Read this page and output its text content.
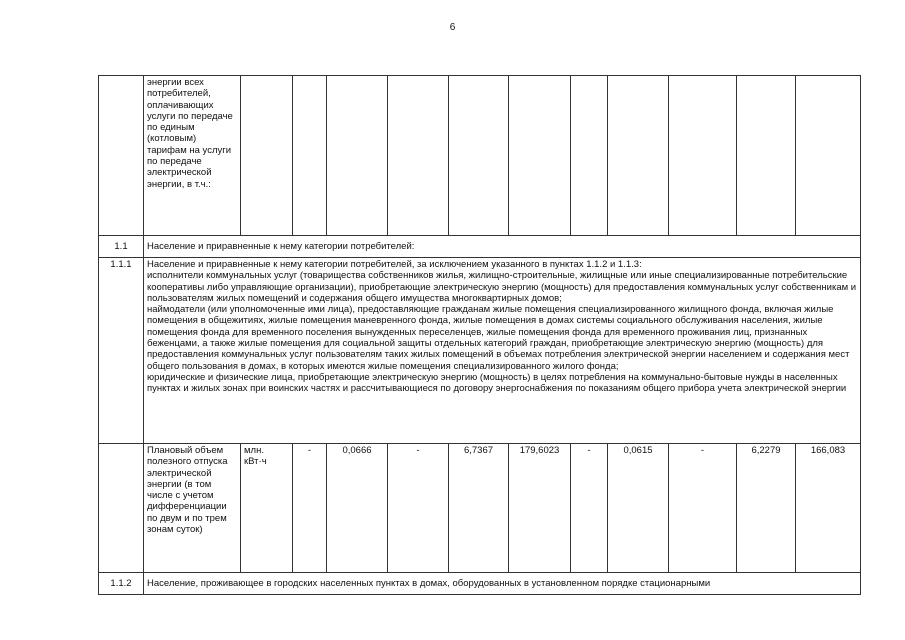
6
	энергии всех потребителей, оплачивающих услуги по передаче по единым (котловым) тарифам на услуги по передаче электрической энергии, в т.ч.:											
1.1	Население и приравненные к нему категории потребителей:											
1.1.1	Население и приравненные к нему категории потребителей, за исключением указанного в пунктах 1.1.2 и 1.1.3:
исполнители коммунальных услуг (товарищества собственников жилья, жилищно-строительные, жилищные или иные специализированные потребительские кооперативы либо управляющие организации), приобретающие электрическую энергию (мощность) для предоставления коммунальных услуг собственникам и пользователям жилых помещений и содержания общего имущества многоквартирных домов;
наймодатели (или уполномоченные ими лица), предоставляющие гражданам жилые помещения специализированного жилищного фонда, включая жилые помещения в общежитиях, жилые помещения маневренного фонда, жилые помещения в домах системы социального обслуживания населения, жилые помещения фонда для временного поселения вынужденных переселенцев, жилые помещения фонда для временного проживания лиц, признанных беженцами, а также жилые помещения для социальной защиты отдельных категорий граждан, приобретающие электрическую энергию (мощность) для предоставления коммунальных услуг пользователям таких жилых помещений в объемах потребления электрической энергии населением и содержания мест общего пользования в домах, в которых имеются жилые помещения специализированного жилого фонда;
юридические и физические лица, приобретающие электрическую энергию (мощность) в целях потребления на коммунально-бытовые нужды в населенных пунктах и жилых зонах при воинских частях и рассчитывающиеся по договору энергоснабжения по показаниям общего прибора учета электрической энергии											

	Плановый объем полезного отпуска электрической энергии (в том числе с учетом дифференциации по двум и по трем зонам суток)	млн. кВт·ч	-	0,0666	-	6,7367	179,6023	-	0,0615	-	6,2279	166,083
1.1.2	Население, проживающее в городских населенных пунктах в домах, оборудованных в установленном порядке стационарными											
